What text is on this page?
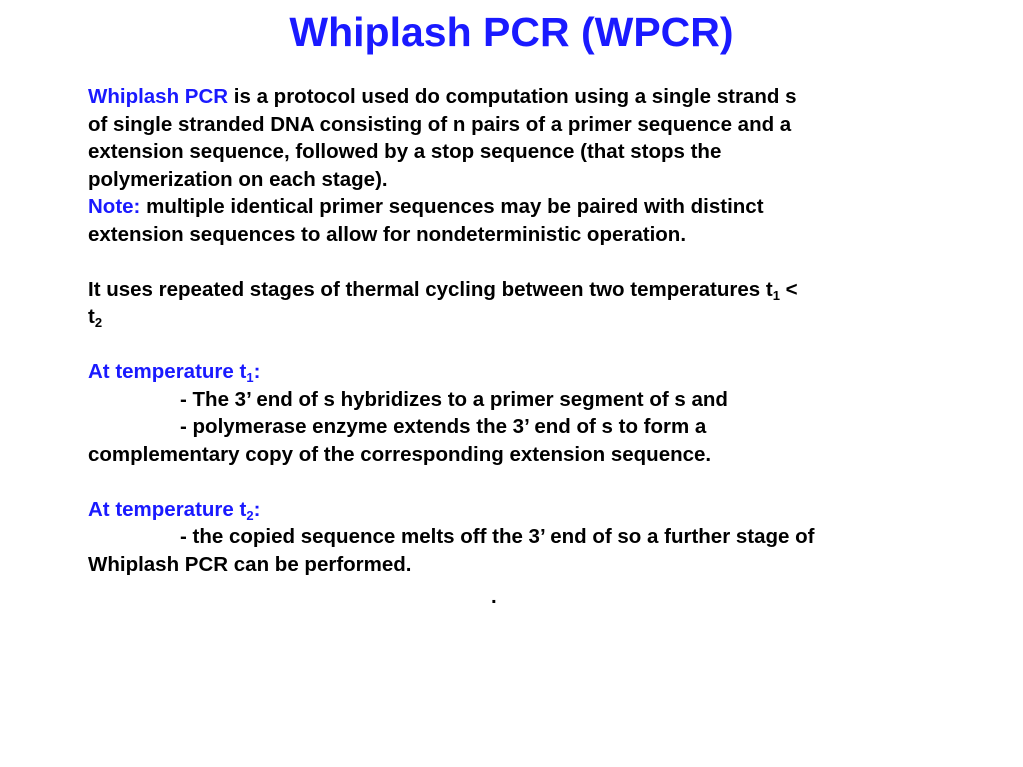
Whiplash PCR (WPCR)
Whiplash PCR is a protocol used do computation using a single strand s
of single stranded DNA consisting of n pairs of a primer sequence and a
extension sequence, followed by a stop sequence (that stops the
polymerization on each stage).
Note: multiple identical primer sequences may be paired with distinct
extension sequences to allow for nondeterministic operation.
It uses repeated stages of thermal cycling between two temperatures $t_1$ <
$t_2$
At temperature $t_1$:
- The 3’ end of s hybridizes to a primer segment of s and
- polymerase enzyme extends the 3’ end of s to form a
complementary copy of the corresponding extension sequence.
At temperature $t_2$:
- the copied sequence melts off the 3’ end of so a further stage of
Whiplash PCR can be performed.
.
